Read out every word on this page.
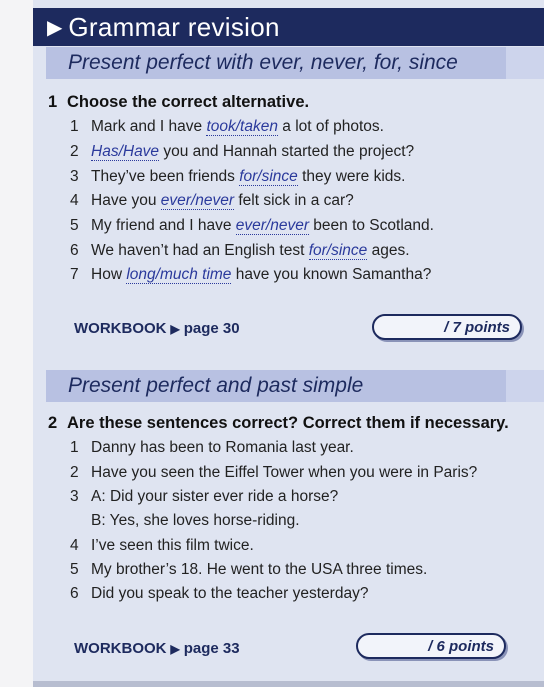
▶ Grammar revision
Present perfect with ever, never, for, since
1 Choose the correct alternative.
1 Mark and I have took/taken a lot of photos.
2 Has/Have you and Hannah started the project?
3 They’ve been friends for/since they were kids.
4 Have you ever/never felt sick in a car?
5 My friend and I have ever/never been to Scotland.
6 We haven’t had an English test for/since ages.
7 How long/much time have you known Samantha?
WORKBOOK ▶ page 30	/ 7 points
Present perfect and past simple
2 Are these sentences correct? Correct them if necessary.
1 Danny has been to Romania last year.
2 Have you seen the Eiffel Tower when you were in Paris?
3 A: Did your sister ever ride a horse?
B: Yes, she loves horse-riding.
4 I’ve seen this film twice.
5 My brother’s 18. He went to the USA three times.
6 Did you speak to the teacher yesterday?
WORKBOOK ▶ page 33	/ 6 points
